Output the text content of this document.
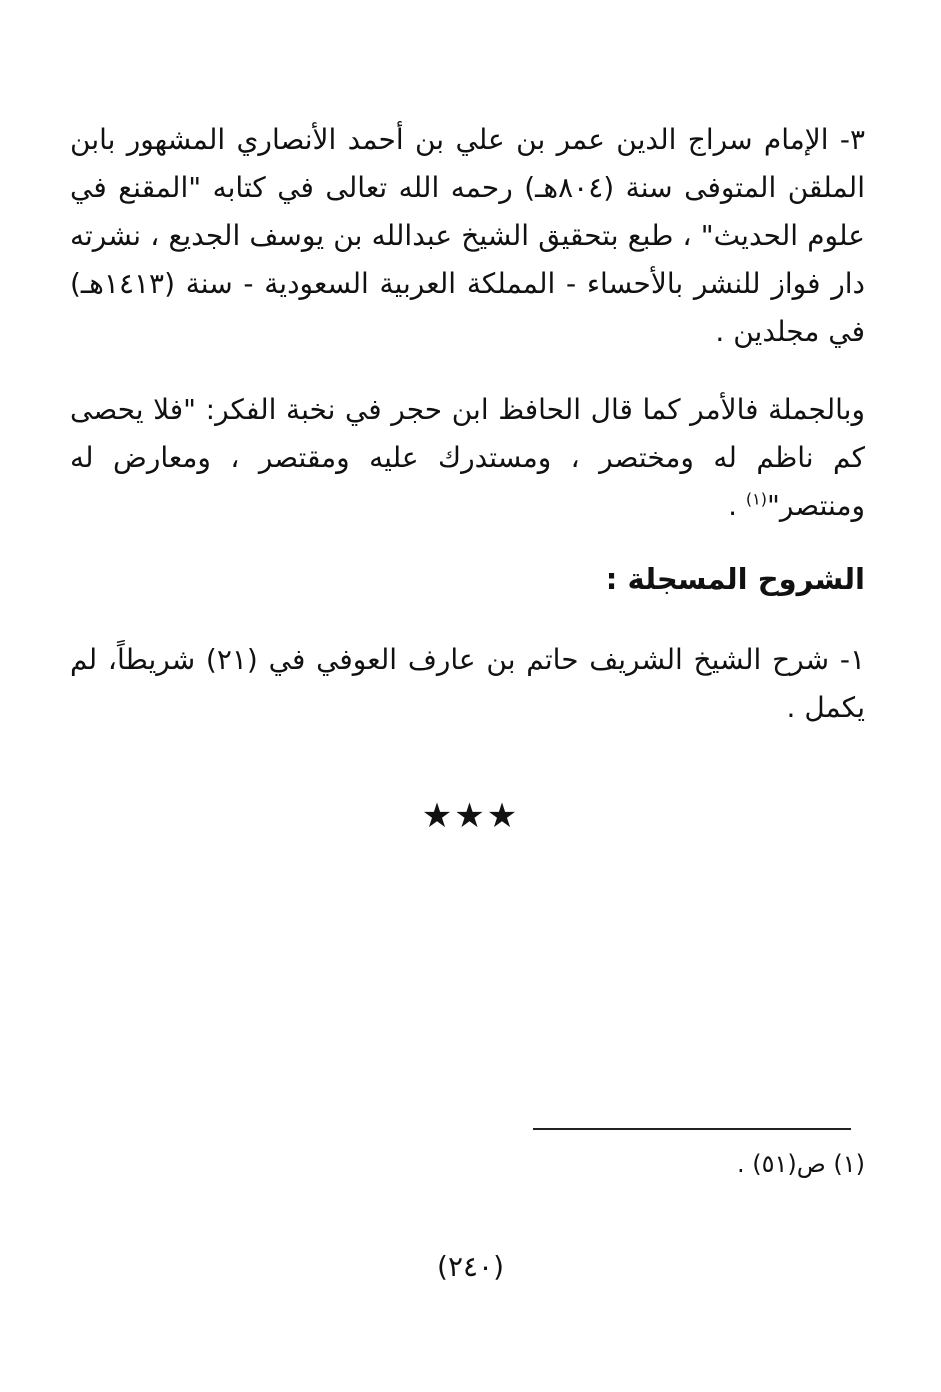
٣- الإمام سراج الدين عمر بن علي بن أحمد الأنصاري المشهور بابن الملقن المتوفى سنة (٨٠٤هـ) رحمه الله تعالى في كتابه "المقنع في علوم الحديث" ، طبع بتحقيق الشيخ عبدالله بن يوسف الجديع ، نشرته دار فواز للنشر بالأحساء - المملكة العربية السعودية - سنة (١٤١٣هـ) في مجلدين .

وبالجملة فالأمر كما قال الحافظ ابن حجر في نخبة الفكر: "فلا يحصى كم ناظم له ومختصر ، ومستدرك عليه ومقتصر ، ومعارض له ومنتصر"$^{(١)}$ .

الشروح المسجلة :

١- شرح الشيخ الشريف حاتم بن عارف العوفي في (٢١) شريطاً، لم يكمل .

★★★

(١) ص(٥١) .

(٢٤٠)
